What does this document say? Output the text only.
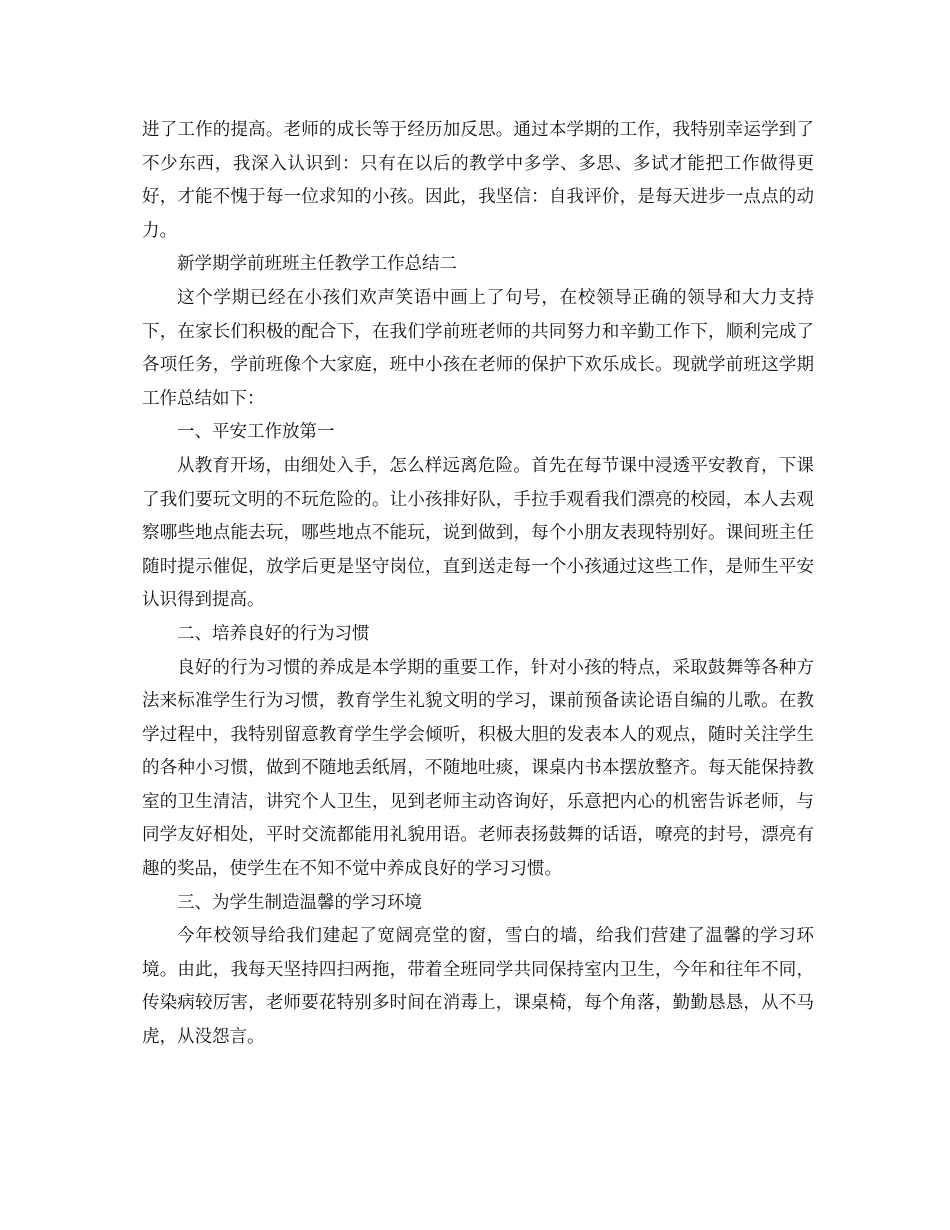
进了工作的提高。老师的成长等于经历加反思。通过本学期的工作，我特别幸运学到了不少东西，我深入认识到：只有在以后的教学中多学、多思、多试才能把工作做得更好，才能不愧于每一位求知的小孩。因此，我坚信：自我评价，是每天进步一点点的动力。

新学期学前班班主任教学工作总结二

这个学期已经在小孩们欢声笑语中画上了句号，在校领导正确的领导和大力支持下，在家长们积极的配合下，在我们学前班老师的共同努力和辛勤工作下，顺利完成了各项任务，学前班像个大家庭，班中小孩在老师的保护下欢乐成长。现就学前班这学期工作总结如下：

一、平安工作放第一

从教育开场，由细处入手，怎么样远离危险。首先在每节课中浸透平安教育，下课了我们要玩文明的不玩危险的。让小孩排好队，手拉手观看我们漂亮的校园，本人去观察哪些地点能去玩，哪些地点不能玩，说到做到，每个小朋友表现特别好。课间班主任随时提示催促，放学后更是坚守岗位，直到送走每一个小孩通过这些工作，是师生平安认识得到提高。

二、培养良好的行为习惯

良好的行为习惯的养成是本学期的重要工作，针对小孩的特点，采取鼓舞等各种方法来标准学生行为习惯，教育学生礼貌文明的学习，课前预备读论语自编的儿歌。在教学过程中，我特别留意教育学生学会倾听，积极大胆的发表本人的观点，随时关注学生的各种小习惯，做到不随地丢纸屑，不随地吐痰，课桌内书本摆放整齐。每天能保持教室的卫生清洁，讲究个人卫生，见到老师主动咨询好，乐意把内心的机密告诉老师，与同学友好相处，平时交流都能用礼貌用语。老师表扬鼓舞的话语，嘹亮的封号，漂亮有趣的奖品，使学生在不知不觉中养成良好的学习习惯。

三、为学生制造温馨的学习环境

今年校领导给我们建起了宽阔亮堂的窗，雪白的墙，给我们营建了温馨的学习环境。由此，我每天坚持四扫两拖，带着全班同学共同保持室内卫生，今年和往年不同，传染病较厉害，老师要花特别多时间在消毒上，课桌椅，每个角落，勤勤恳恳，从不马虎，从没怨言。
